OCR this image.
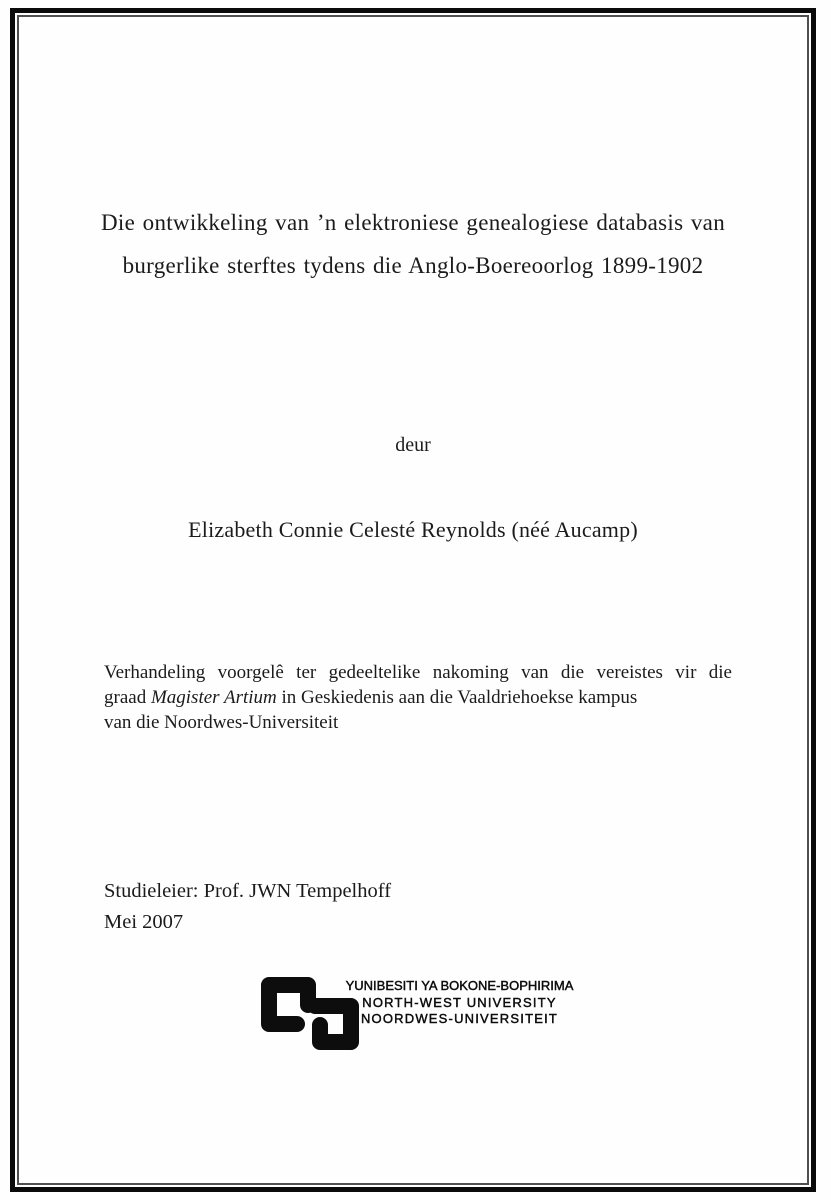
Die ontwikkeling van ’n elektroniese genealogiese databasis van
burgerlike sterftes tydens die Anglo-Boereoorlog 1899-1902

deur

Elizabeth Connie Celesté Reynolds (néé Aucamp)

Verhandeling voorgelê ter gedeeltelike nakoming van die vereistes vir die
graad Magister Artium in Geskiedenis aan die Vaaldriehoekse kampus
van die Noordwes-Universiteit
Studieleier: Prof. JWN Tempelhoff
Mei 2007
YUNIBESITI YA BOKONE-BOPHIRIMA
NORTH-WEST UNIVERSITY
NOORDWES-UNIVERSITEIT
